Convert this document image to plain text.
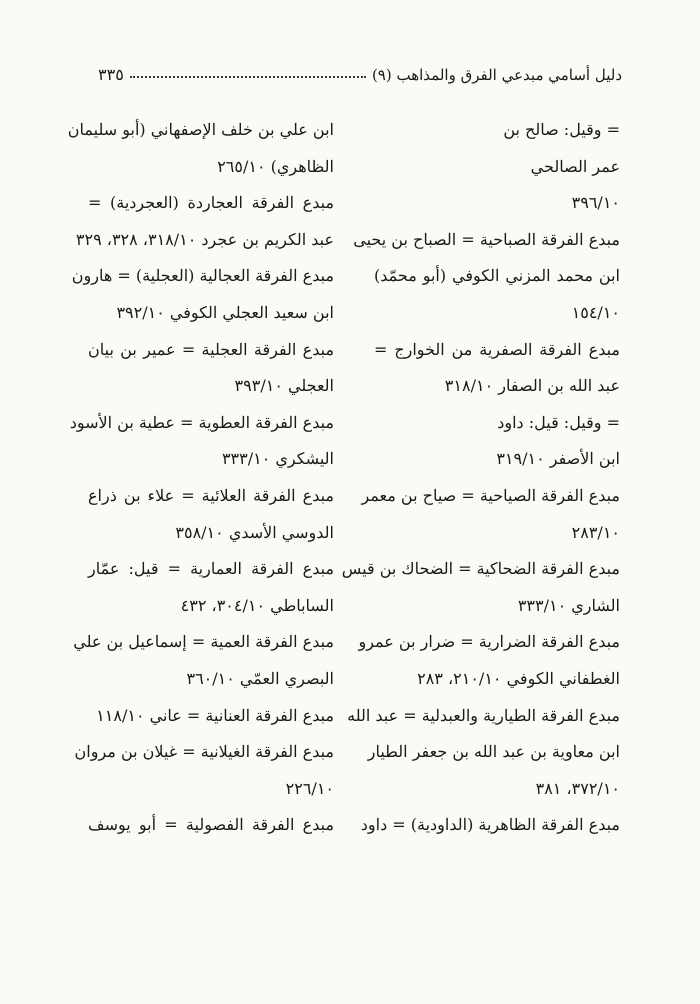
دليل أسامي مبدعي الفرق والمذاهب (٩)
٣٣٥
= وقيل: صالح بن
عمر الصالحي
٣٩٦/١٠
مبدع الفرقة الصباحية = الصباح بن يحيى
ابن محمد المزني الكوفي (أبو محمّد)
١٥٤/١٠
مبدع الفرقة الصفرية من الخوارج =
عبد الله بن الصفار ٣١٨/١٠
= وقيل: قيل: داود
ابن الأصفر ٣١٩/١٠
مبدع الفرقة الصياحية = صياح بن معمر
٢٨٣/١٠
مبدع الفرقة الضحاكية = الضحاك بن قيس
الشاري ٣٣٣/١٠
مبدع الفرقة الضرارية = ضرار بن عمرو
الغطفاني الكوفي ٢١٠/١٠، ٢٨٣
مبدع الفرقة الطيارية والعبدلية = عبد الله
ابن معاوية بن عبد الله بن جعفر الطيار
٣٧٢/١٠، ٣٨١
مبدع الفرقة الظاهرية (الداودية) = داود
ابن علي بن خلف الإصفهاني (أبو سليمان
الظاهري) ٢٦٥/١٠
مبدع الفرقة العجاردة (العجردية) =
عبد الكريم بن عجرد ٣١٨/١٠، ٣٢٨، ٣٢٩
مبدع الفرقة العجالية (العجلية) = هارون
ابن سعيد العجلي الكوفي ٣٩٢/١٠
مبدع الفرقة العجلية = عمير بن بيان
العجلي ٣٩٣/١٠
مبدع الفرقة العطوية = عطية بن الأسود
اليشكري ٣٣٣/١٠
مبدع الفرقة العلائية = علاء بن ذراع
الدوسي الأسدي ٣٥٨/١٠
مبدع الفرقة العمارية = قيل: عمّار
الساباطي ٣٠٤/١٠، ٤٣٢
مبدع الفرقة العمية = إسماعيل بن علي
البصري العمّي ٣٦٠/١٠
مبدع الفرقة العنانية = عاني ١١٨/١٠
مبدع الفرقة الغيلانية = غيلان بن مروان
٢٢٦/١٠
مبدع الفرقة الفصولية = أبو يوسف
